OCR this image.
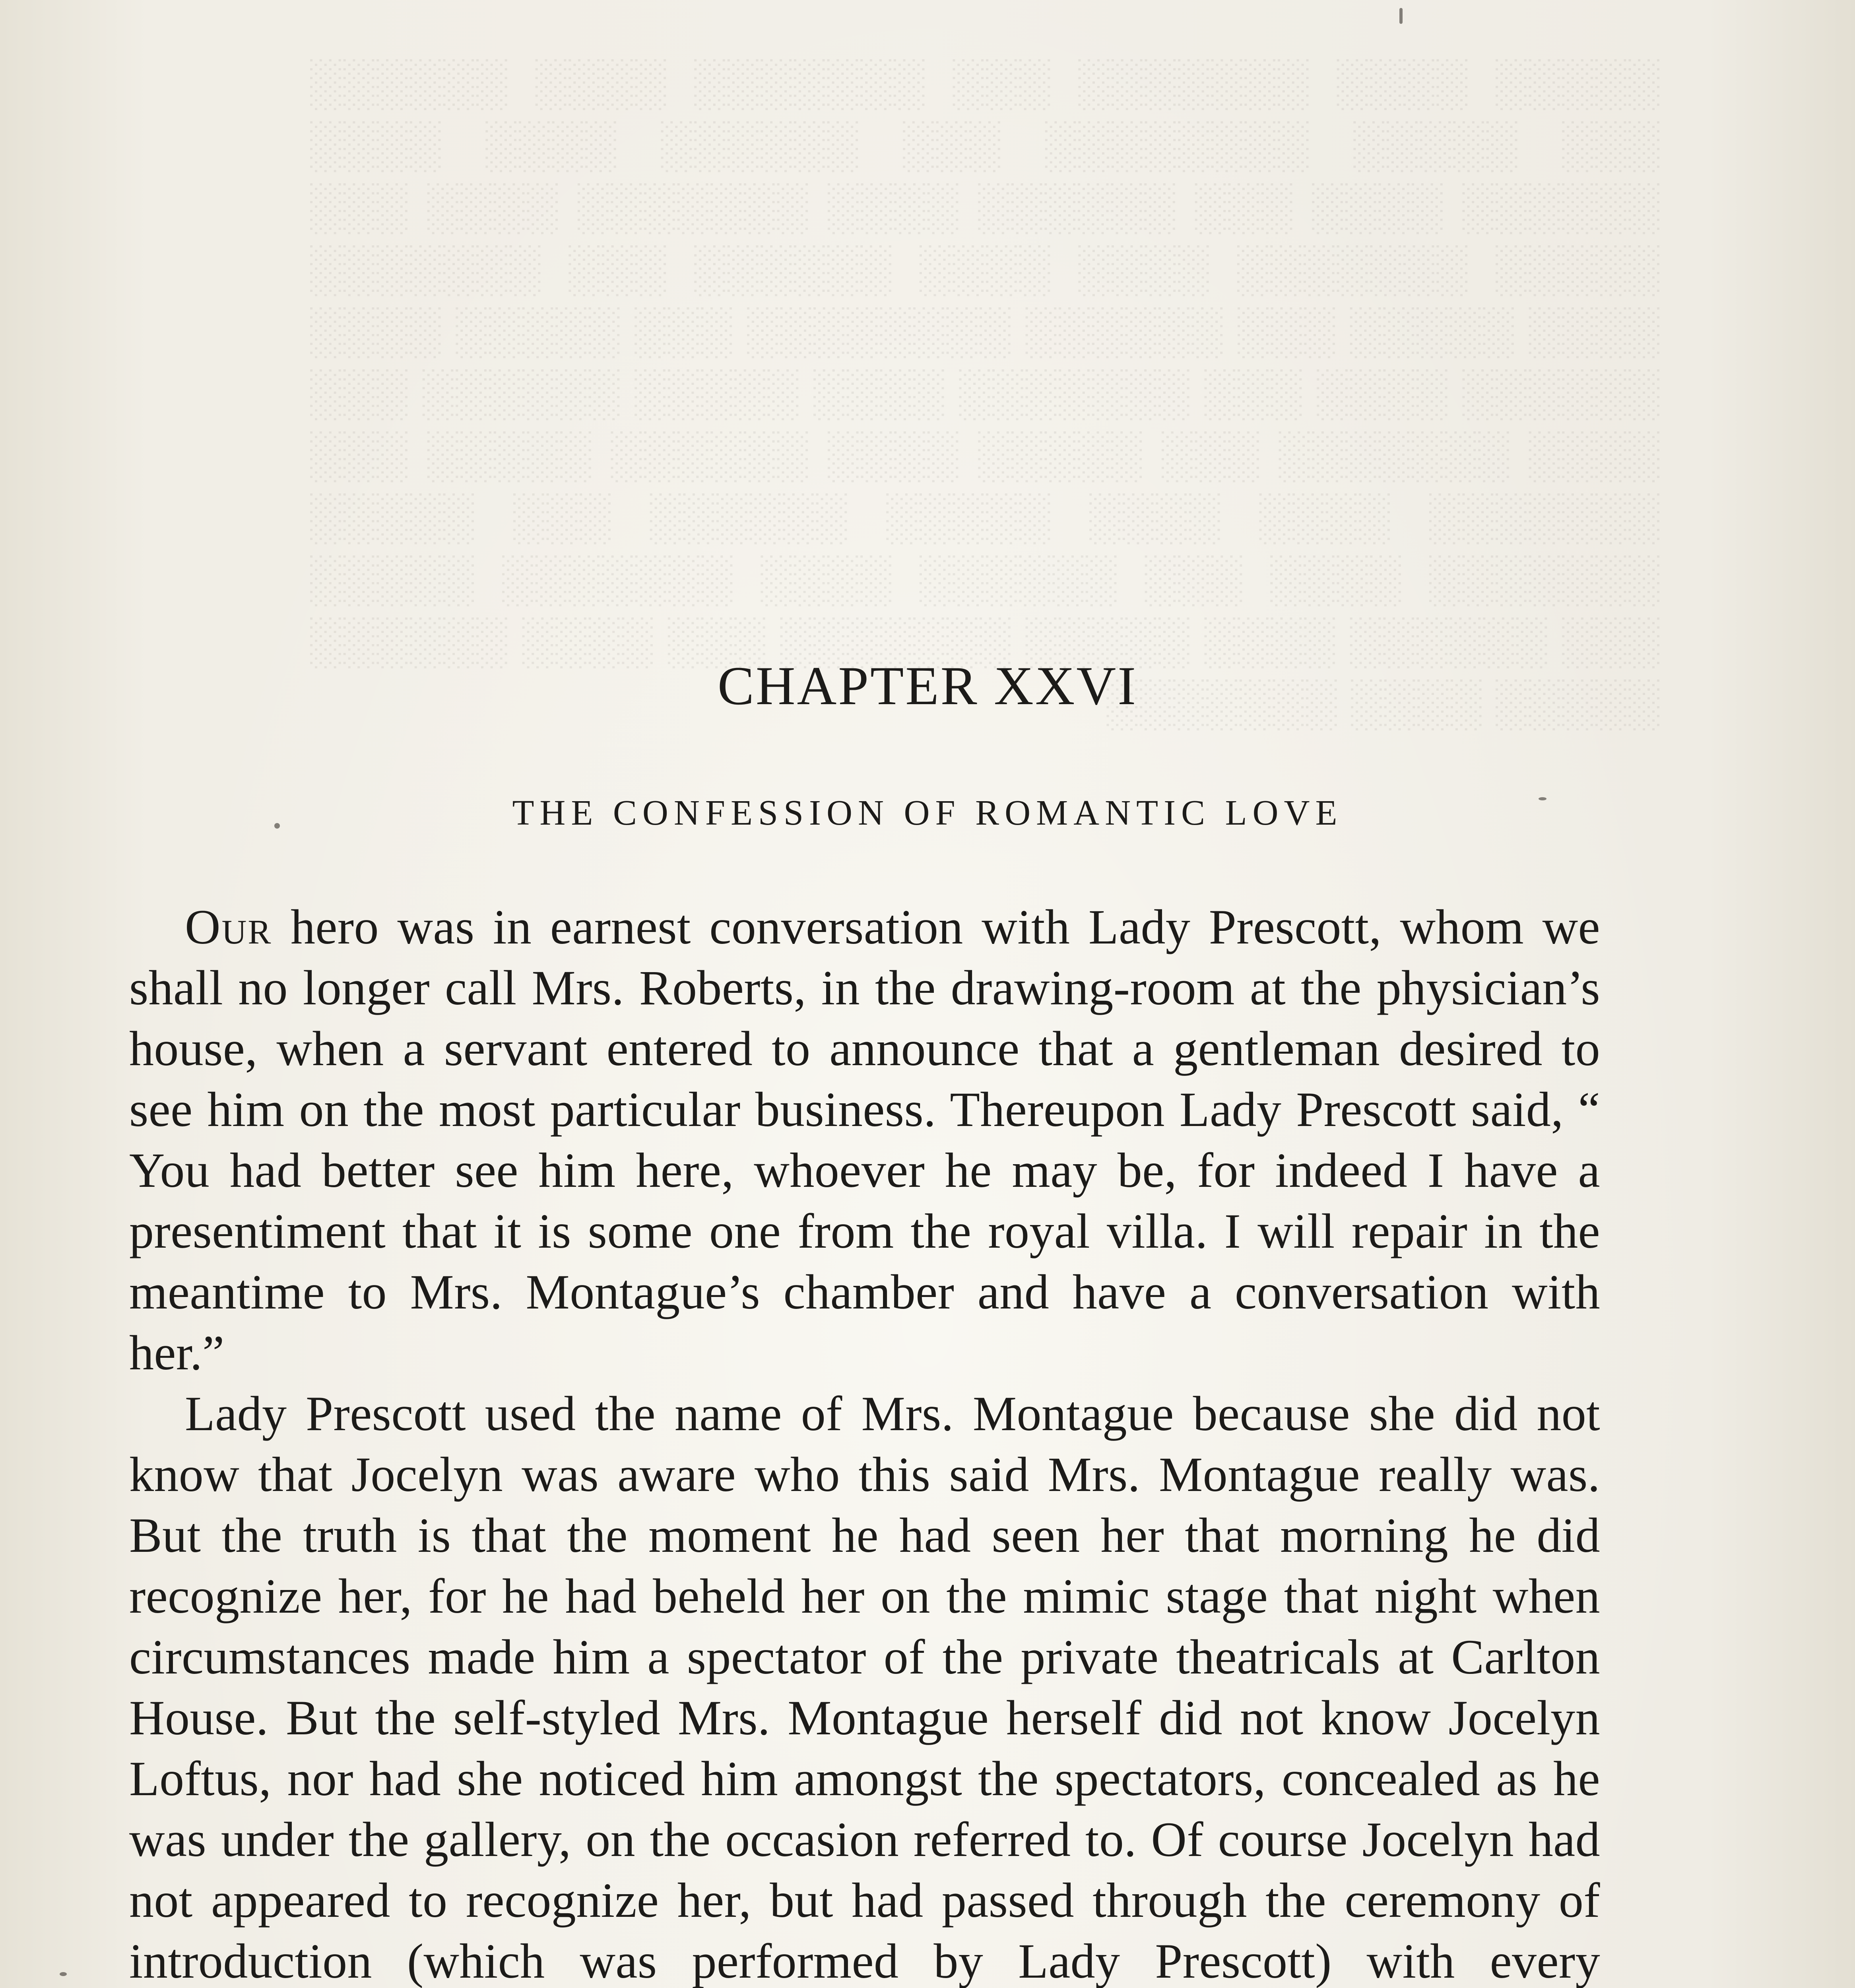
░░░░░ ░░░░ ░░░░░░░ ░░░ ░░░░░░░ ░░░░ ░░░░░░ ░░░ ░░░░░ ░░░░░░░░ ░░░ ░░░░░░ ░░░░ ░░░░ ░░░░░░ ░░░░ ░░░ ░░░░░░ ░░░░ ░░░░░░░ ░░░░ ░░░ ░░░░░ ░░░░░░░ ░░░░ ░░░░ ░░░░░░ ░░░ ░░░░░░░ ░░░░ ░░░░░ ░░░ ░░░░░░ ░░░░░░░░ ░░░ ░░░░░ ░░░░ ░░░░░░ ░░░░ ░░░ ░░░░░░░ ░░░░ ░░░░░ ░░░░░░ ░░░ ░░░░ ░░░░░░░ ░░░ ░░░░░ ░░░░ ░░░░░░ ░░░░░ ░░░ ░░░░░░░ ░░░░ ░░░░ ░░░░░ ░░░░░░ ░░░ ░░░░░ ░░░░░░░ ░░░░ ░░░ ░░░░░░ ░░░░ ░░░░░░░ ░░░░░ ░░░ ░░░░░░ ░░░░ ░░░░░ ░░░░░░░ ░░░ ░░░░ ░░░░░░ ░░░░░ ░░░░ ░░░░░░░
CHAPTER XXVI
THE CONFESSION OF ROMANTIC LOVE

Our hero was in earnest conversation with Lady Prescott, whom we shall no longer call Mrs. Roberts, in the drawing-room at the physician’s house, when a servant entered to announce that a gentleman desired to see him on the most particular business. Thereupon Lady Prescott said, “ You had better see him here, whoever he may be, for indeed I have a presentiment that it is some one from the royal villa. I will repair in the meantime to Mrs. Montague’s chamber and have a conversation with her.”

Lady Prescott used the name of Mrs. Montague because she did not know that Jocelyn was aware who this said Mrs. Montague really was. But the truth is that the moment he had seen her that morning he did recognize her, for he had beheld her on the mimic stage that night when circumstances made him a spectator of the private theatricals at Carlton House. But the self-styled Mrs. Montague herself did not know Jocelyn Loftus, nor had she noticed him amongst the spectators, concealed as he was under the gallery, on the occasion referred to. Of course Jocelyn had not appeared to recognize her, but had passed through the ceremony of introduction (which was performed by Lady Prescott) with every
